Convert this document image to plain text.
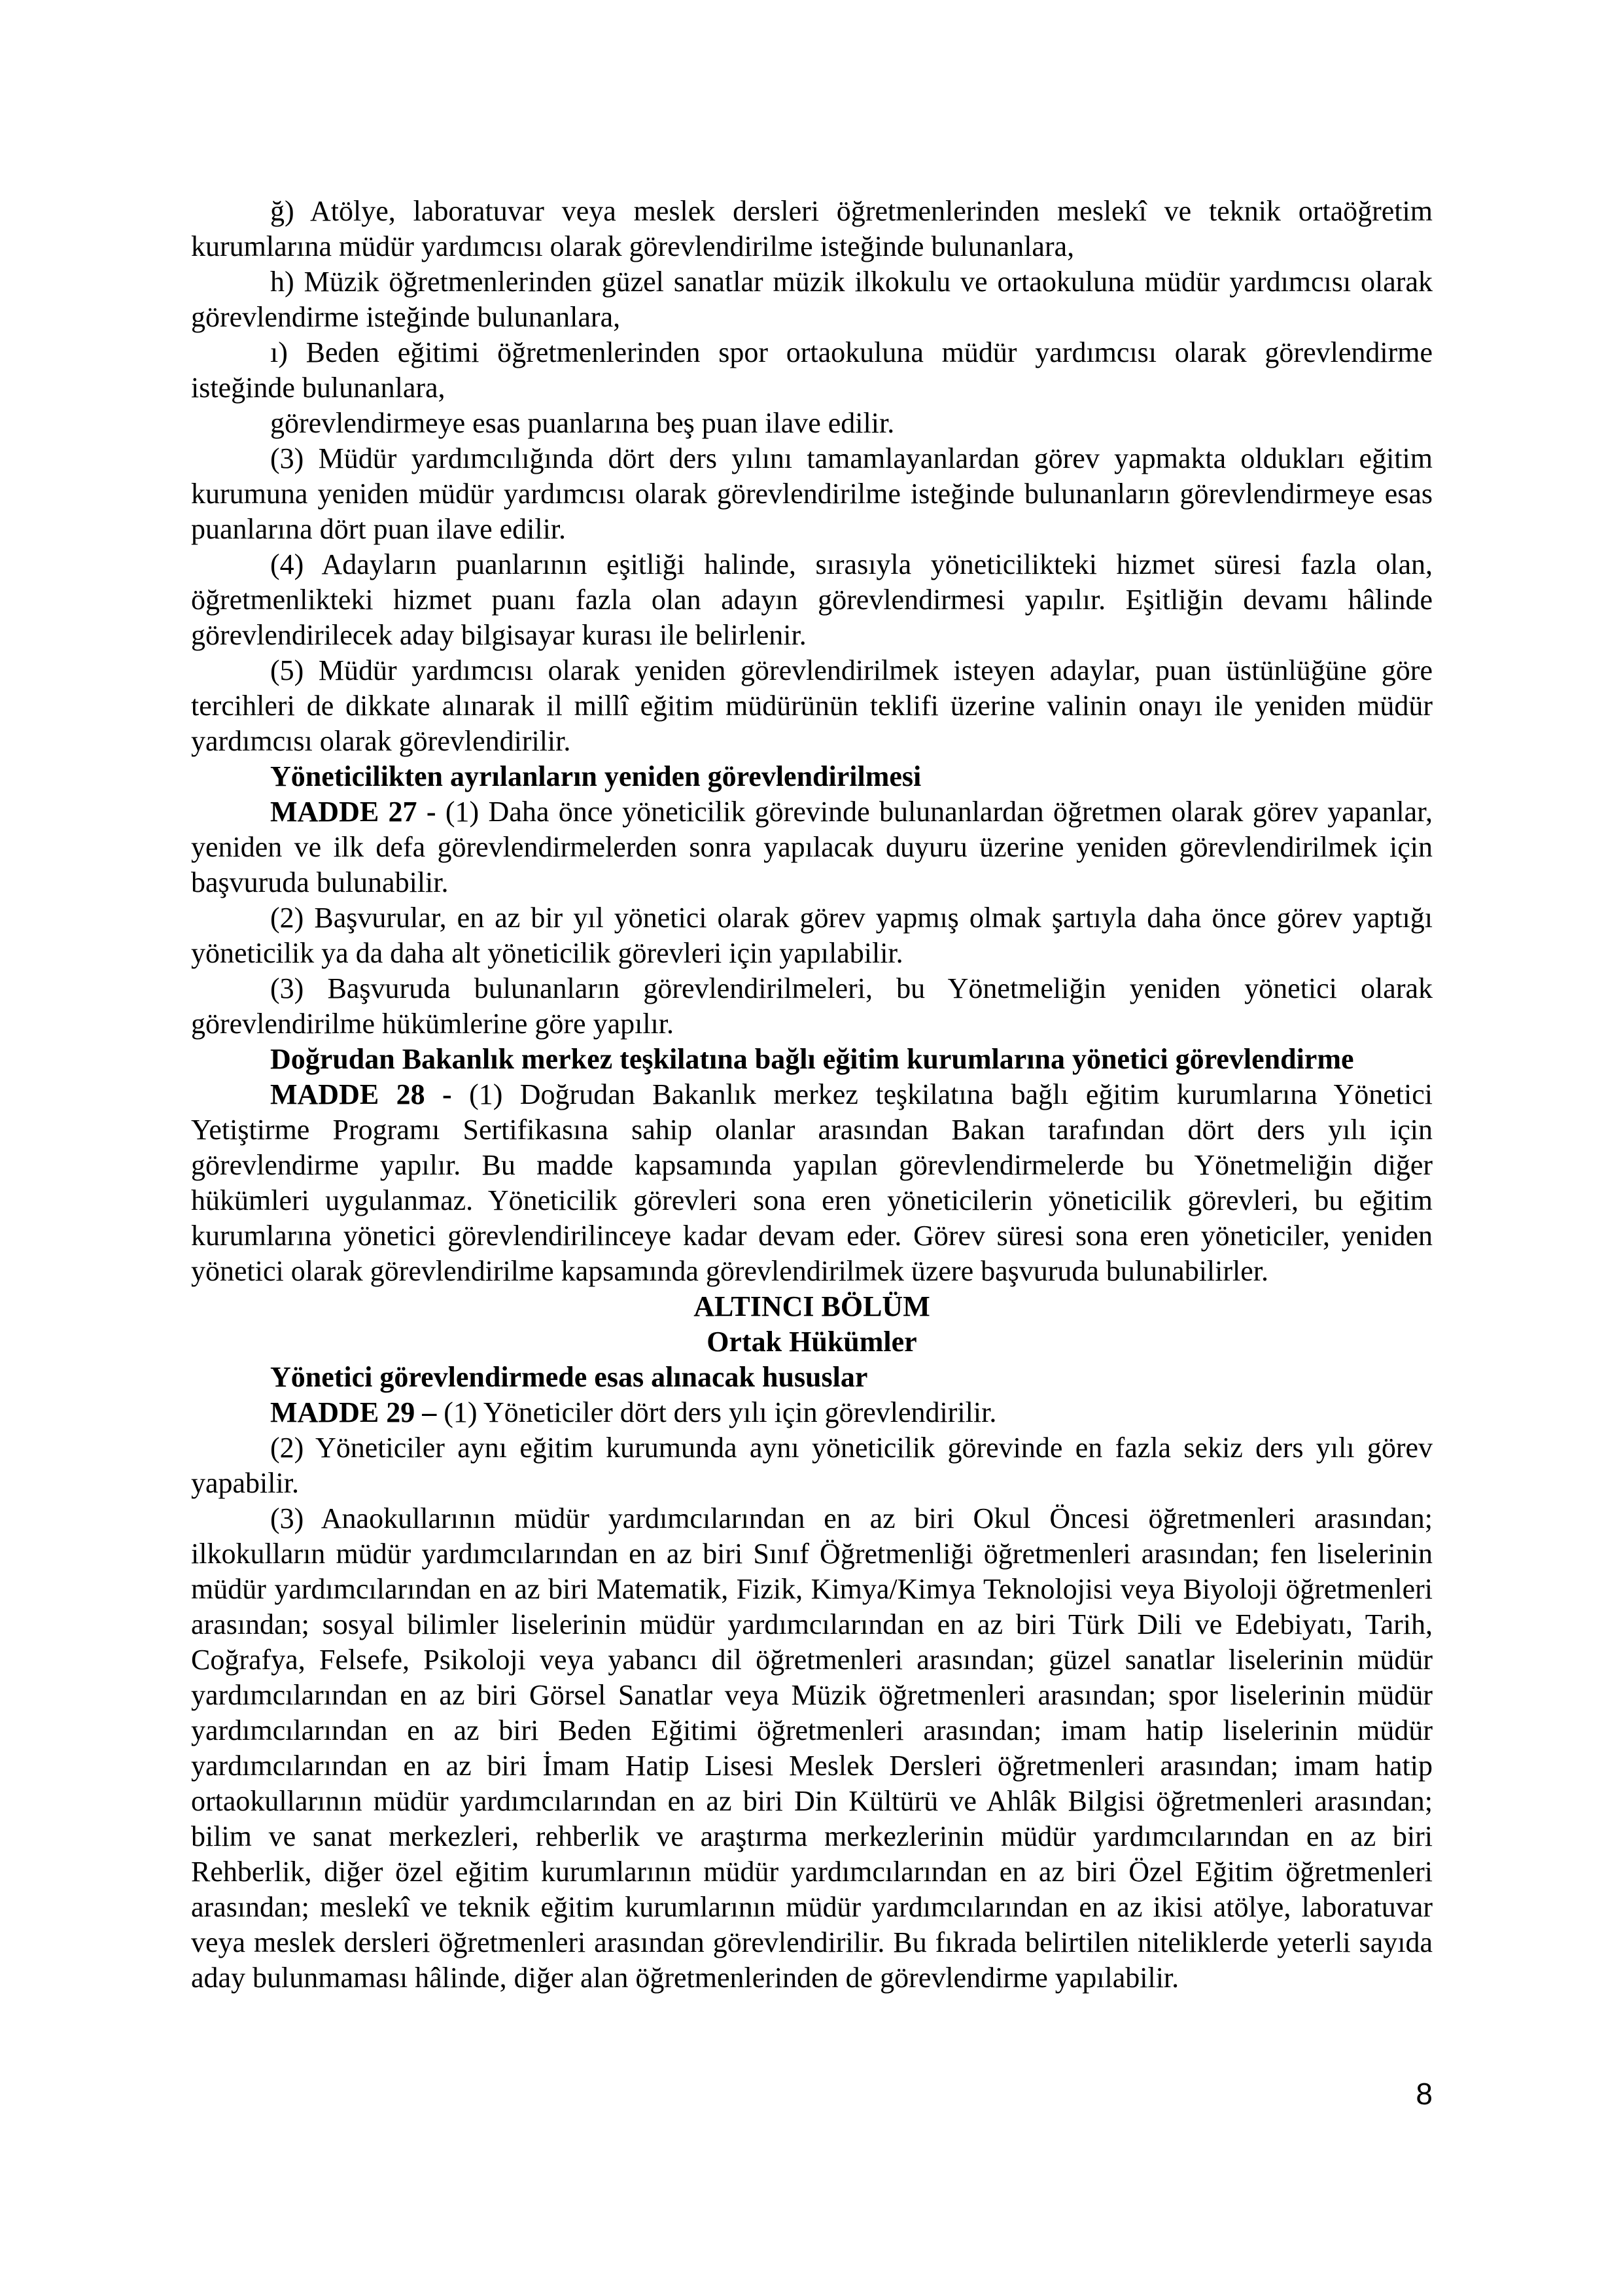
ğ) Atölye, laboratuvar veya meslek dersleri öğretmenlerinden meslekî ve teknik ortaöğretim kurumlarına müdür yardımcısı olarak görevlendirilme isteğinde bulunanlara,

h) Müzik öğretmenlerinden güzel sanatlar müzik ilkokulu ve ortaokuluna müdür yardımcısı olarak görevlendirme isteğinde bulunanlara,

ı) Beden eğitimi öğretmenlerinden spor ortaokuluna müdür yardımcısı olarak görevlendirme isteğinde bulunanlara,

görevlendirmeye esas puanlarına beş puan ilave edilir.

(3) Müdür yardımcılığında dört ders yılını tamamlayanlardan görev yapmakta oldukları eğitim kurumuna yeniden müdür yardımcısı olarak görevlendirilme isteğinde bulunanların görevlendirmeye esas puanlarına dört puan ilave edilir.

(4) Adayların puanlarının eşitliği halinde, sırasıyla yöneticilikteki hizmet süresi fazla olan, öğretmenlikteki hizmet puanı fazla olan adayın görevlendirmesi yapılır. Eşitliğin devamı hâlinde görevlendirilecek aday bilgisayar kurası ile belirlenir.

(5) Müdür yardımcısı olarak yeniden görevlendirilmek isteyen adaylar, puan üstünlüğüne göre tercihleri de dikkate alınarak il millî eğitim müdürünün teklifi üzerine valinin onayı ile yeniden müdür yardımcısı olarak görevlendirilir.

Yöneticilikten ayrılanların yeniden görevlendirilmesi

MADDE 27 - (1) Daha önce yöneticilik görevinde bulunanlardan öğretmen olarak görev yapanlar, yeniden ve ilk defa görevlendirmelerden sonra yapılacak duyuru üzerine yeniden görevlendirilmek için başvuruda bulunabilir.

(2) Başvurular, en az bir yıl yönetici olarak görev yapmış olmak şartıyla daha önce görev yaptığı yöneticilik ya da daha alt yöneticilik görevleri için yapılabilir.

(3) Başvuruda bulunanların görevlendirilmeleri, bu Yönetmeliğin yeniden yönetici olarak görevlendirilme hükümlerine göre yapılır.

Doğrudan Bakanlık merkez teşkilatına bağlı eğitim kurumlarına yönetici görevlendirme

MADDE 28 - (1) Doğrudan Bakanlık merkez teşkilatına bağlı eğitim kurumlarına Yönetici Yetiştirme Programı Sertifikasına sahip olanlar arasından Bakan tarafından dört ders yılı için görevlendirme yapılır. Bu madde kapsamında yapılan görevlendirmelerde bu Yönetmeliğin diğer hükümleri uygulanmaz. Yöneticilik görevleri sona eren yöneticilerin yöneticilik görevleri, bu eğitim kurumlarına yönetici görevlendirilinceye kadar devam eder. Görev süresi sona eren yöneticiler, yeniden yönetici olarak görevlendirilme kapsamında görevlendirilmek üzere başvuruda bulunabilirler.

ALTINCI BÖLÜM

Ortak Hükümler

Yönetici görevlendirmede esas alınacak hususlar

MADDE 29 – (1) Yöneticiler dört ders yılı için görevlendirilir.

(2) Yöneticiler aynı eğitim kurumunda aynı yöneticilik görevinde en fazla sekiz ders yılı görev yapabilir.

(3) Anaokullarının müdür yardımcılarından en az biri Okul Öncesi öğretmenleri arasından; ilkokulların müdür yardımcılarından en az biri Sınıf Öğretmenliği öğretmenleri arasından; fen liselerinin müdür yardımcılarından en az biri Matematik, Fizik, Kimya/Kimya Teknolojisi veya Biyoloji öğretmenleri arasından; sosyal bilimler liselerinin müdür yardımcılarından en az biri Türk Dili ve Edebiyatı, Tarih, Coğrafya, Felsefe, Psikoloji veya yabancı dil öğretmenleri arasından; güzel sanatlar liselerinin müdür yardımcılarından en az biri Görsel Sanatlar veya Müzik öğretmenleri arasından; spor liselerinin müdür yardımcılarından en az biri Beden Eğitimi öğretmenleri arasından; imam hatip liselerinin müdür yardımcılarından en az biri İmam Hatip Lisesi Meslek Dersleri öğretmenleri arasından; imam hatip ortaokullarının müdür yardımcılarından en az biri Din Kültürü ve Ahlâk Bilgisi öğretmenleri arasından; bilim ve sanat merkezleri, rehberlik ve araştırma merkezlerinin müdür yardımcılarından en az biri Rehberlik, diğer özel eğitim kurumlarının müdür yardımcılarından en az biri Özel Eğitim öğretmenleri arasından; meslekî ve teknik eğitim kurumlarının müdür yardımcılarından en az ikisi atölye, laboratuvar veya meslek dersleri öğretmenleri arasından görevlendirilir. Bu fıkrada belirtilen niteliklerde yeterli sayıda aday bulunmaması hâlinde, diğer alan öğretmenlerinden de görevlendirme yapılabilir.

8
